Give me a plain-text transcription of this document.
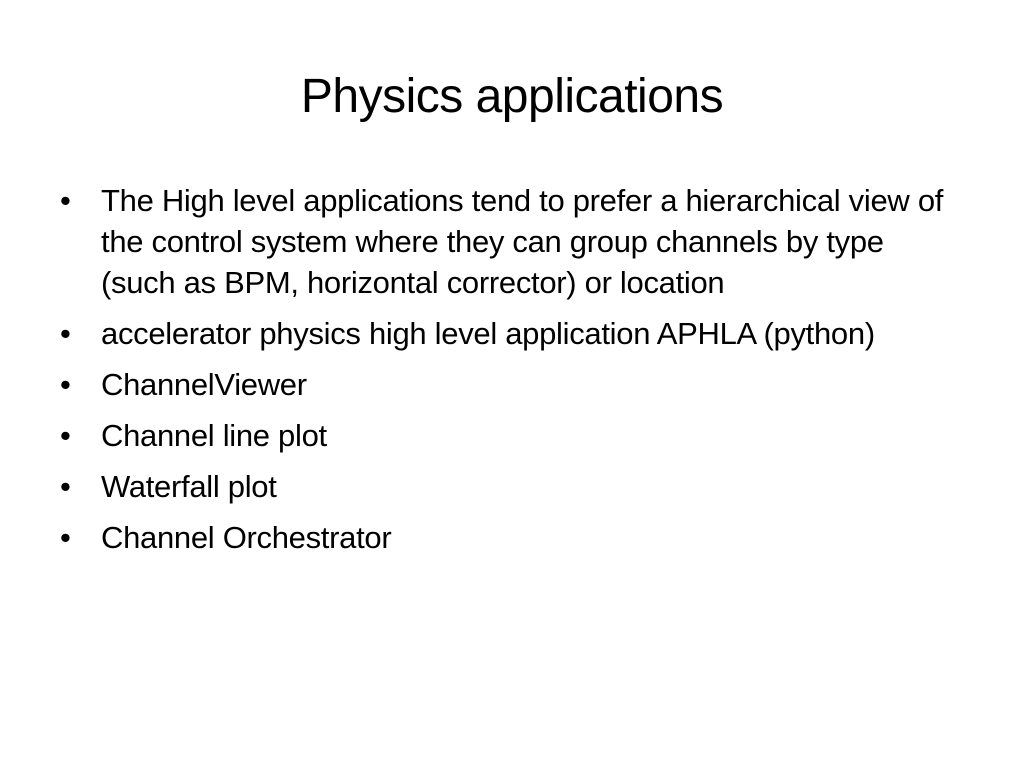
Physics applications
• The High level applications tend to prefer a hierarchical view of the control system where they can group channels by type (such as BPM, horizontal corrector) or location
• accelerator physics high level application APHLA (python)
• ChannelViewer
• Channel line plot
• Waterfall plot
• Channel Orchestrator
